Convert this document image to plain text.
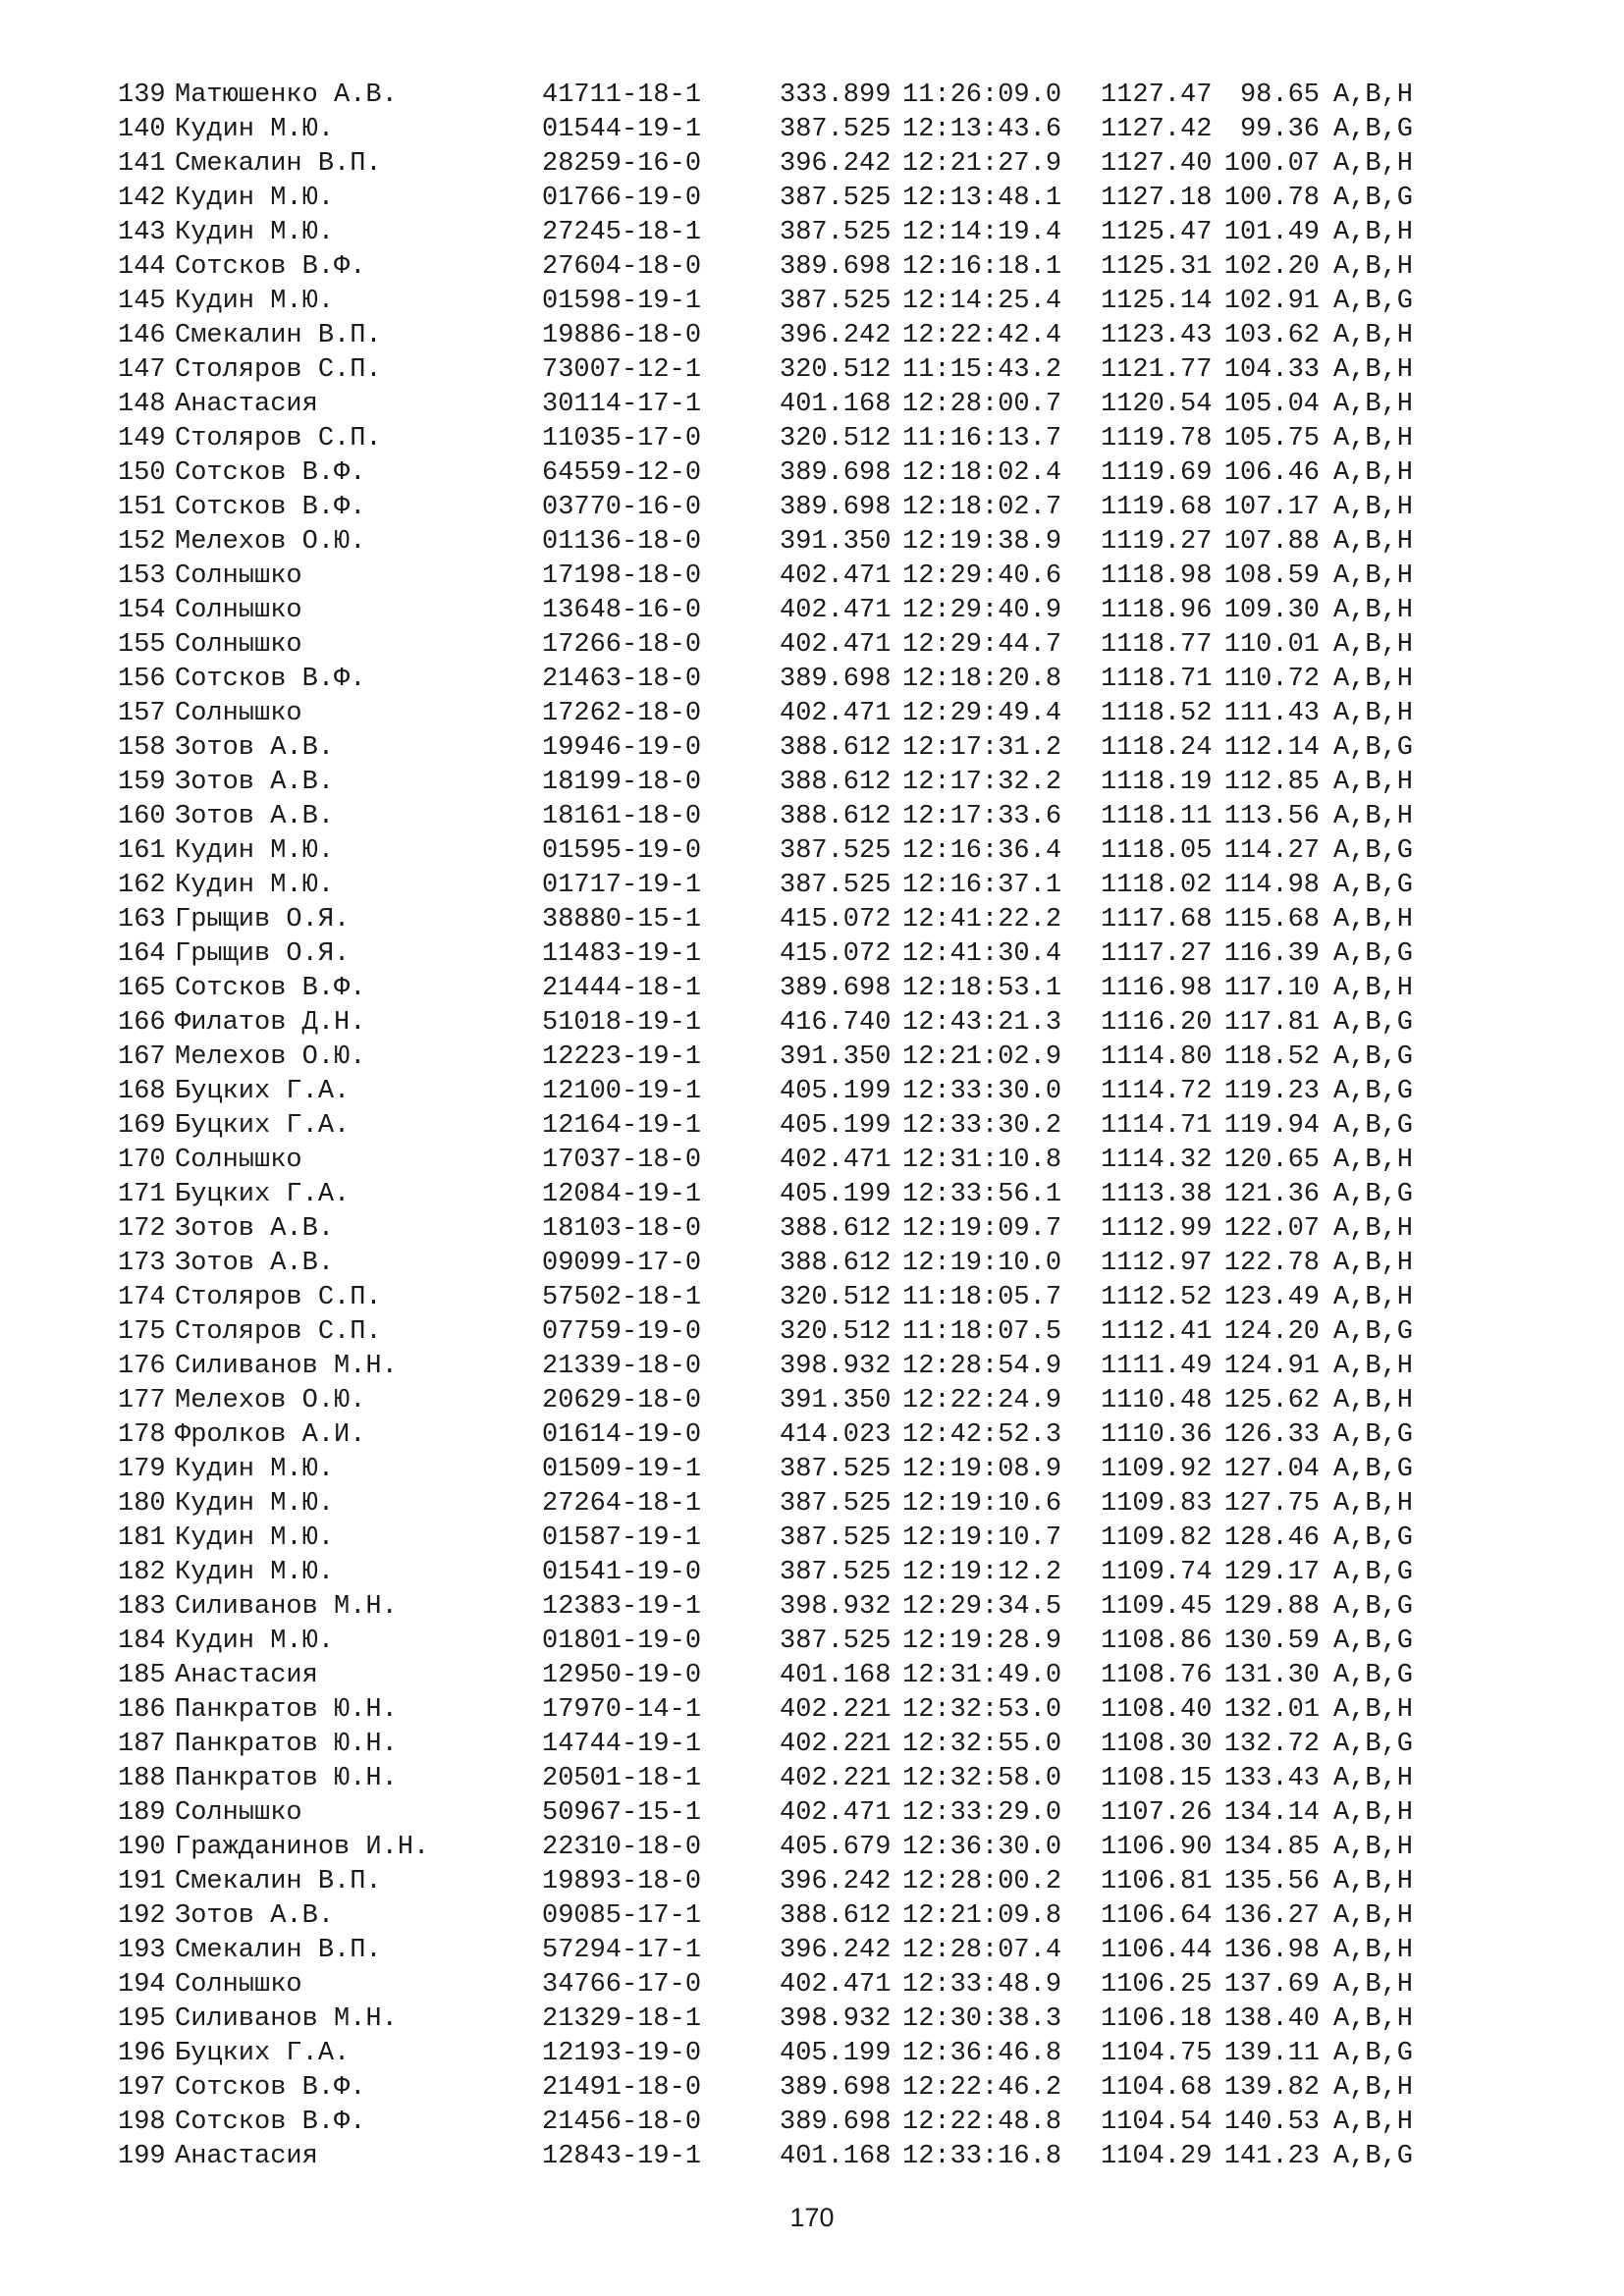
139 Матюшенко А.В.	41711-18-1	333.899 11:26:09.0	1127.47	98.65 A,B,H
140 Кудин М.Ю.	01544-19-1	387.525 12:13:43.6	1127.42	99.36 A,B,G
141 Смекалин В.П.	28259-16-0	396.242 12:21:27.9	1127.40 100.07 A,B,H
142 Кудин М.Ю.	01766-19-0	387.525 12:13:48.1	1127.18 100.78 A,B,G
143 Кудин М.Ю.	27245-18-1	387.525 12:14:19.4	1125.47 101.49 A,B,H
144 Сотсков В.Ф.	27604-18-0	389.698 12:16:18.1	1125.31 102.20 A,B,H
145 Кудин М.Ю.	01598-19-1	387.525 12:14:25.4	1125.14 102.91 A,B,G
146 Смекалин В.П.	19886-18-0	396.242 12:22:42.4	1123.43 103.62 A,B,H
147 Столяров С.П.	73007-12-1	320.512 11:15:43.2	1121.77 104.33 A,B,H
148 Анастасия	30114-17-1	401.168 12:28:00.7	1120.54 105.04 A,B,H
149 Столяров С.П.	11035-17-0	320.512 11:16:13.7	1119.78 105.75 A,B,H
150 Сотсков В.Ф.	64559-12-0	389.698 12:18:02.4	1119.69 106.46 A,B,H
151 Сотсков В.Ф.	03770-16-0	389.698 12:18:02.7	1119.68 107.17 A,B,H
152 Мелехов О.Ю.	01136-18-0	391.350 12:19:38.9	1119.27 107.88 A,B,H
153 Солнышко	17198-18-0	402.471 12:29:40.6	1118.98 108.59 A,B,H
154 Солнышко	13648-16-0	402.471 12:29:40.9	1118.96 109.30 A,B,H
155 Солнышко	17266-18-0	402.471 12:29:44.7	1118.77 110.01 A,B,H
156 Сотсков В.Ф.	21463-18-0	389.698 12:18:20.8	1118.71 110.72 A,B,H
157 Солнышко	17262-18-0	402.471 12:29:49.4	1118.52 111.43 A,B,H
158 Зотов А.В.	19946-19-0	388.612 12:17:31.2	1118.24 112.14 A,B,G
159 Зотов А.В.	18199-18-0	388.612 12:17:32.2	1118.19 112.85 A,B,H
160 Зотов А.В.	18161-18-0	388.612 12:17:33.6	1118.11 113.56 A,B,H
161 Кудин М.Ю.	01595-19-0	387.525 12:16:36.4	1118.05 114.27 A,B,G
162 Кудин М.Ю.	01717-19-1	387.525 12:16:37.1	1118.02 114.98 A,B,G
163 Грыщив О.Я.	38880-15-1	415.072 12:41:22.2	1117.68 115.68 A,B,H
164 Грыщив О.Я.	11483-19-1	415.072 12:41:30.4	1117.27 116.39 A,B,G
165 Сотсков В.Ф.	21444-18-1	389.698 12:18:53.1	1116.98 117.10 A,B,H
166 Филатов Д.Н.	51018-19-1	416.740 12:43:21.3	1116.20 117.81 A,B,G
167 Мелехов О.Ю.	12223-19-1	391.350 12:21:02.9	1114.80 118.52 A,B,G
168 Буцких Г.А.	12100-19-1	405.199 12:33:30.0	1114.72 119.23 A,B,G
169 Буцких Г.А.	12164-19-1	405.199 12:33:30.2	1114.71 119.94 A,B,G
170 Солнышко	17037-18-0	402.471 12:31:10.8	1114.32 120.65 A,B,H
171 Буцких Г.А.	12084-19-1	405.199 12:33:56.1	1113.38 121.36 A,B,G
172 Зотов А.В.	18103-18-0	388.612 12:19:09.7	1112.99 122.07 A,B,H
173 Зотов А.В.	09099-17-0	388.612 12:19:10.0	1112.97 122.78 A,B,H
174 Столяров С.П.	57502-18-1	320.512 11:18:05.7	1112.52 123.49 A,B,H
175 Столяров С.П.	07759-19-0	320.512 11:18:07.5	1112.41 124.20 A,B,G
176 Силиванов М.Н.	21339-18-0	398.932 12:28:54.9	1111.49 124.91 A,B,H
177 Мелехов О.Ю.	20629-18-0	391.350 12:22:24.9	1110.48 125.62 A,B,H
178 Фролков А.И.	01614-19-0	414.023 12:42:52.3	1110.36 126.33 A,B,G
179 Кудин М.Ю.	01509-19-1	387.525 12:19:08.9	1109.92 127.04 A,B,G
180 Кудин М.Ю.	27264-18-1	387.525 12:19:10.6	1109.83 127.75 A,B,H
181 Кудин М.Ю.	01587-19-1	387.525 12:19:10.7	1109.82 128.46 A,B,G
182 Кудин М.Ю.	01541-19-0	387.525 12:19:12.2	1109.74 129.17 A,B,G
183 Силиванов М.Н.	12383-19-1	398.932 12:29:34.5	1109.45 129.88 A,B,G
184 Кудин М.Ю.	01801-19-0	387.525 12:19:28.9	1108.86 130.59 A,B,G
185 Анастасия	12950-19-0	401.168 12:31:49.0	1108.76 131.30 A,B,G
186 Панкратов Ю.Н.	17970-14-1	402.221 12:32:53.0	1108.40 132.01 A,B,H
187 Панкратов Ю.Н.	14744-19-1	402.221 12:32:55.0	1108.30 132.72 A,B,G
188 Панкратов Ю.Н.	20501-18-1	402.221 12:32:58.0	1108.15 133.43 A,B,H
189 Солнышко	50967-15-1	402.471 12:33:29.0	1107.26 134.14 A,B,H
190 Гражданинов И.Н.	22310-18-0	405.679 12:36:30.0	1106.90 134.85 A,B,H
191 Смекалин В.П.	19893-18-0	396.242 12:28:00.2	1106.81 135.56 A,B,H
192 Зотов А.В.	09085-17-1	388.612 12:21:09.8	1106.64 136.27 A,B,H
193 Смекалин В.П.	57294-17-1	396.242 12:28:07.4	1106.44 136.98 A,B,H
194 Солнышко	34766-17-0	402.471 12:33:48.9	1106.25 137.69 A,B,H
195 Силиванов М.Н.	21329-18-1	398.932 12:30:38.3	1106.18 138.40 A,B,H
196 Буцких Г.А.	12193-19-0	405.199 12:36:46.8	1104.75 139.11 A,B,G
197 Сотсков В.Ф.	21491-18-0	389.698 12:22:46.2	1104.68 139.82 A,B,H
198 Сотсков В.Ф.	21456-18-0	389.698 12:22:48.8	1104.54 140.53 A,B,H
199 Анастасия	12843-19-1	401.168 12:33:16.8	1104.29 141.23 A,B,G
170
